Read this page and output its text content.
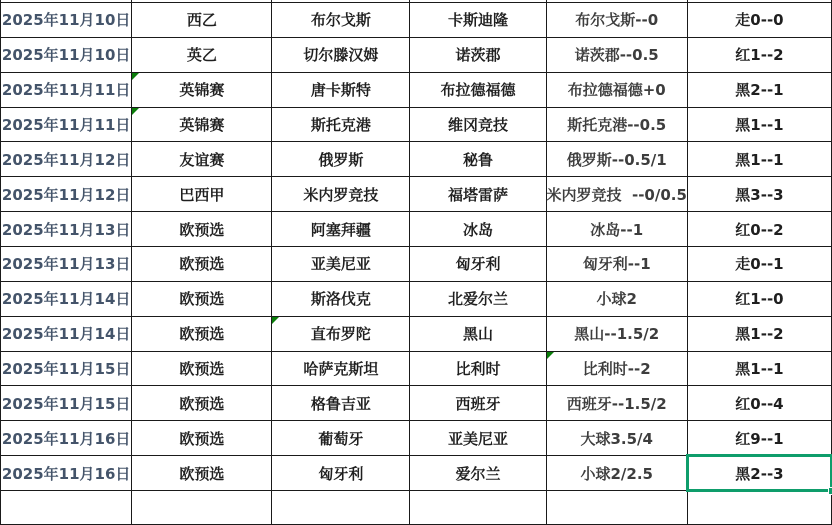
2025年11月10日	西乙	布尔戈斯	卡斯迪隆	布尔戈斯--0	走0--0
2025年11月10日	英乙	切尔滕汉姆	诺茨郡	诺茨郡--0.5	红1--2
2025年11月11日	英锦赛	唐卡斯特	布拉德福德	布拉德福德+0	黑2--1
2025年11月11日	英锦赛	斯托克港	维冈竞技	斯托克港--0.5	黑1--1
2025年11月12日	友谊赛	俄罗斯	秘鲁	俄罗斯--0.5/1	黑1--1
2025年11月12日	巴西甲	米内罗竞技	福塔雷萨	米内罗竞技  --0/0.5	黑3--3
2025年11月13日	欧预选	阿塞拜疆	冰岛	冰岛--1	红0--2
2025年11月13日	欧预选	亚美尼亚	匈牙利	匈牙利--1	走0--1
2025年11月14日	欧预选	斯洛伐克	北爱尔兰	小球2	红1--0
2025年11月14日	欧预选	直布罗陀	黑山	黑山--1.5/2	黑1--2
2025年11月15日	欧预选	哈萨克斯坦	比利时	比利时--2	黑1--1
2025年11月15日	欧预选	格鲁吉亚	西班牙	西班牙--1.5/2	红0--4
2025年11月16日	欧预选	葡萄牙	亚美尼亚	大球3.5/4	红9--1
2025年11月16日	欧预选	匈牙利	爱尔兰	小球2/2.5	黑2--3
